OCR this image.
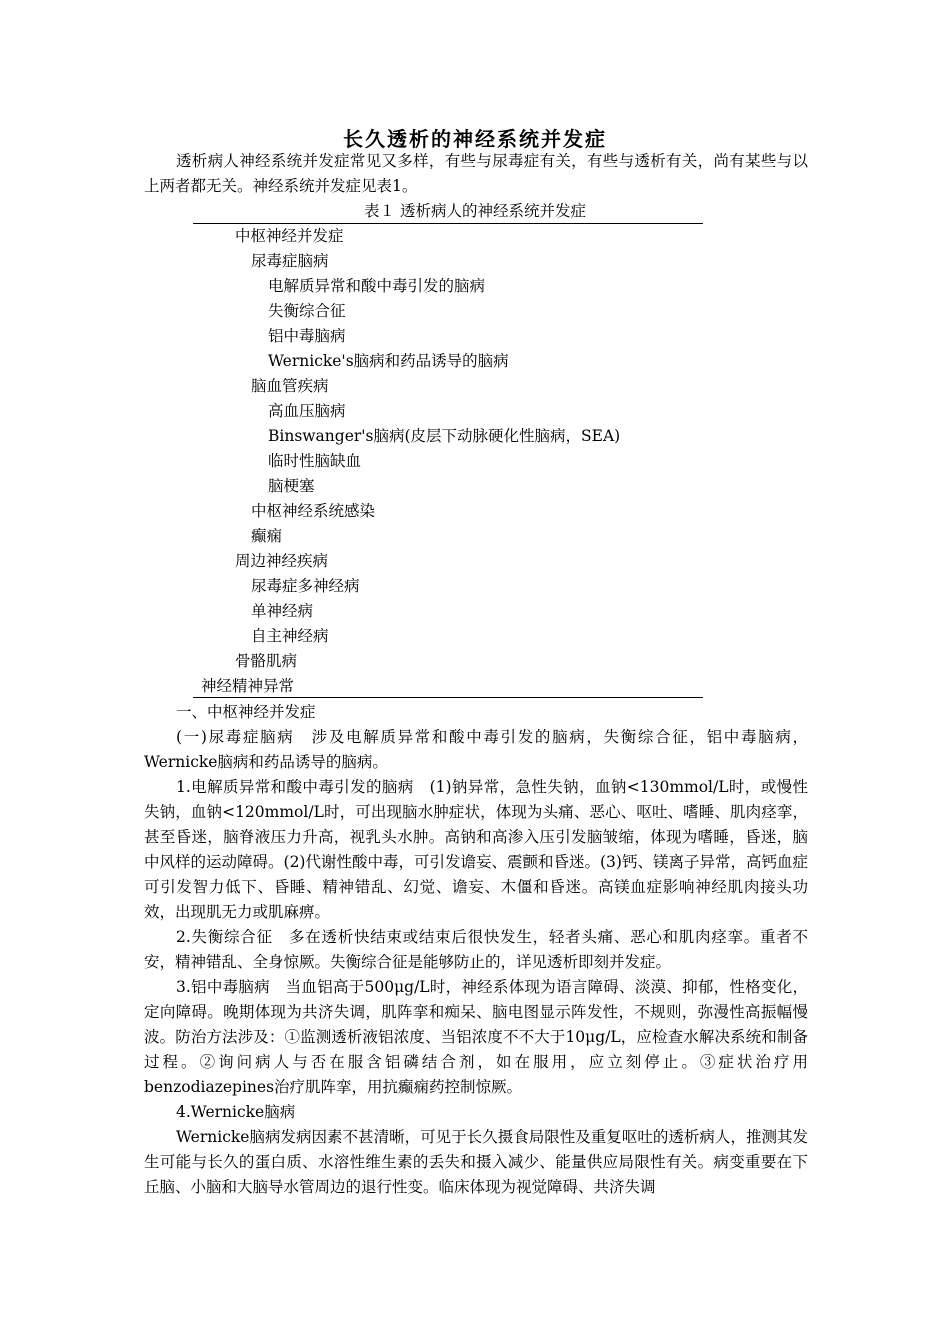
长久透析的神经系统并发症

透析病人神经系统并发症常见又多样，有些与尿毒症有关，有些与透析有关，尚有某些与以上两者都无关。神经系统并发症见表1。

表１ 透析病人的神经系统并发症
中枢神经并发症
尿毒症脑病
电解质异常和酸中毒引发的脑病
失衡综合征
铝中毒脑病
Wernicke's脑病和药品诱导的脑病
脑血管疾病
高血压脑病
Binswanger's脑病(皮层下动脉硬化性脑病，SEA)
临时性脑缺血
脑梗塞
中枢神经系统感染
癫痫
周边神经疾病
尿毒症多神经病
单神经病
自主神经病
骨骼肌病
神经精神异常

一、中枢神经并发症

(一)尿毒症脑病　涉及电解质异常和酸中毒引发的脑病，失衡综合征，铝中毒脑病，Wernicke脑病和药品诱导的脑病。

1.电解质异常和酸中毒引发的脑病　(1)钠异常，急性失钠，血钠<130mmol/L时，或慢性失钠，血钠<120mmol/L时，可出现脑水肿症状，体现为头痛、恶心、呕吐、嗜睡、肌肉痉挛，甚至昏迷，脑脊液压力升高，视乳头水肿。高钠和高渗入压引发脑皱缩，体现为嗜睡，昏迷，脑中风样的运动障碍。(2)代谢性酸中毒，可引发谵妄、震颤和昏迷。(3)钙、镁离子异常，高钙血症可引发智力低下、昏睡、精神错乱、幻觉、谵妄、木僵和昏迷。高镁血症影响神经肌肉接头功效，出现肌无力或肌麻痹。

2.失衡综合征　多在透析快结束或结束后很快发生，轻者头痛、恶心和肌肉痉挛。重者不安，精神错乱、全身惊厥。失衡综合征是能够防止的，详见透析即刻并发症。

3.铝中毒脑病　当血铝高于500μg/L时，神经系体现为语言障碍、淡漠、抑郁，性格变化，定向障碍。晚期体现为共济失调，肌阵挛和痴呆、脑电图显示阵发性，不规则，弥漫性高振幅慢波。防治方法涉及：①监测透析液铝浓度、当铝浓度不不大于10μg/L，应检查水解决系统和制备过程。②询问病人与否在服含铝磷结合剂，如在服用，应立刻停止。③症状治疗用benzodiazepines治疗肌阵挛，用抗癫痫药控制惊厥。

4.Wernicke脑病

Wernicke脑病发病因素不甚清晰，可见于长久摄食局限性及重复呕吐的透析病人，推测其发生可能与长久的蛋白质、水溶性维生素的丢失和摄入减少、能量供应局限性有关。病变重要在下丘脑、小脑和大脑导水管周边的退行性变。临床体现为视觉障碍、共济失调
